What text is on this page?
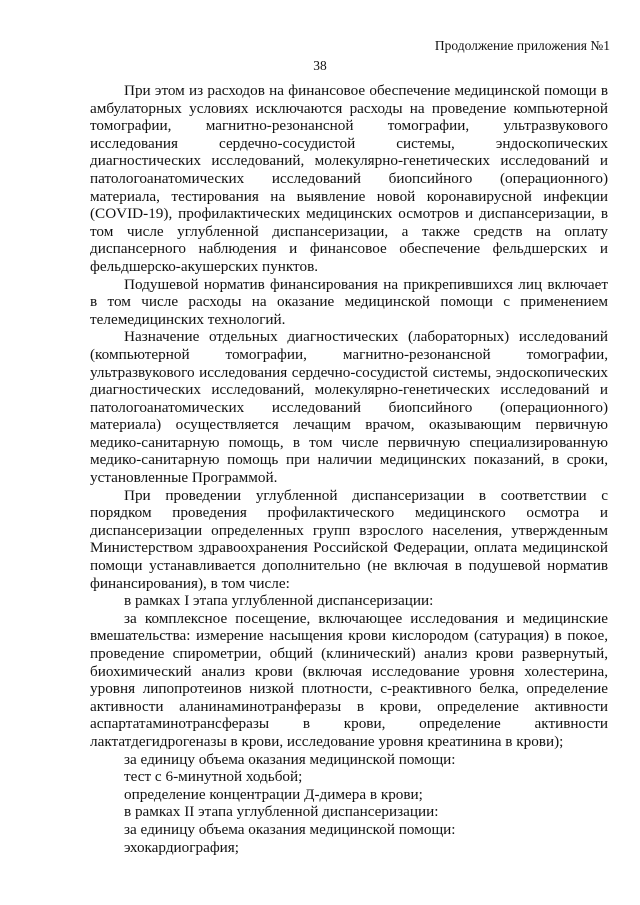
Продолжение приложения №1
38

При этом из расходов на финансовое обеспечение медицинской помощи в амбулаторных условиях исключаются расходы на проведение компьютерной томографии, магнитно-резонансной томографии, ультразвукового исследования сердечно-сосудистой системы, эндоскопических диагностических исследований, молекулярно-генетических исследований и патологоанатомических исследований биопсийного (операционного) материала, тестирования на выявление новой коронавирусной инфекции (COVID-19), профилактических медицинских осмотров и диспансеризации, в том числе углубленной диспансеризации, а также средств на оплату диспансерного наблюдения и финансовое обеспечение фельдшерских и фельдшерско-акушерских пунктов.

Подушевой норматив финансирования на прикрепившихся лиц включает в том числе расходы на оказание медицинской помощи с применением телемедицинских технологий.

Назначение отдельных диагностических (лабораторных) исследований (компьютерной томографии, магнитно-резонансной томографии, ультразвукового исследования сердечно-сосудистой системы, эндоскопических диагностических исследований, молекулярно-генетических исследований и патологоанатомических исследований биопсийного (операционного) материала) осуществляется лечащим врачом, оказывающим первичную медико-санитарную помощь, в том числе первичную специализированную медико-санитарную помощь при наличии медицинских показаний, в сроки, установленные Программой.

При проведении углубленной диспансеризации в соответствии с порядком проведения профилактического медицинского осмотра и диспансеризации определенных групп взрослого населения, утвержденным Министерством здравоохранения Российской Федерации, оплата медицинской помощи устанавливается дополнительно (не включая в подушевой норматив финансирования), в том числе:

в рамках I этапа углубленной диспансеризации:

за комплексное посещение, включающее исследования и медицинские вмешательства: измерение насыщения крови кислородом (сатурация) в покое, проведение спирометрии, общий (клинический) анализ крови развернутый, биохимический анализ крови (включая исследование уровня холестерина, уровня липопротеинов низкой плотности, с-реактивного белка, определение активности аланинаминотранферазы в крови, определение активности аспартатаминотрансферазы в крови, определение активности лактатдегидрогеназы в крови, исследование уровня креатинина в крови);

за единицу объема оказания медицинской помощи:

тест с 6-минутной ходьбой;

определение концентрации Д-димера в крови;

в рамках II этапа углубленной диспансеризации:

за единицу объема оказания медицинской помощи:

эхокардиография;
